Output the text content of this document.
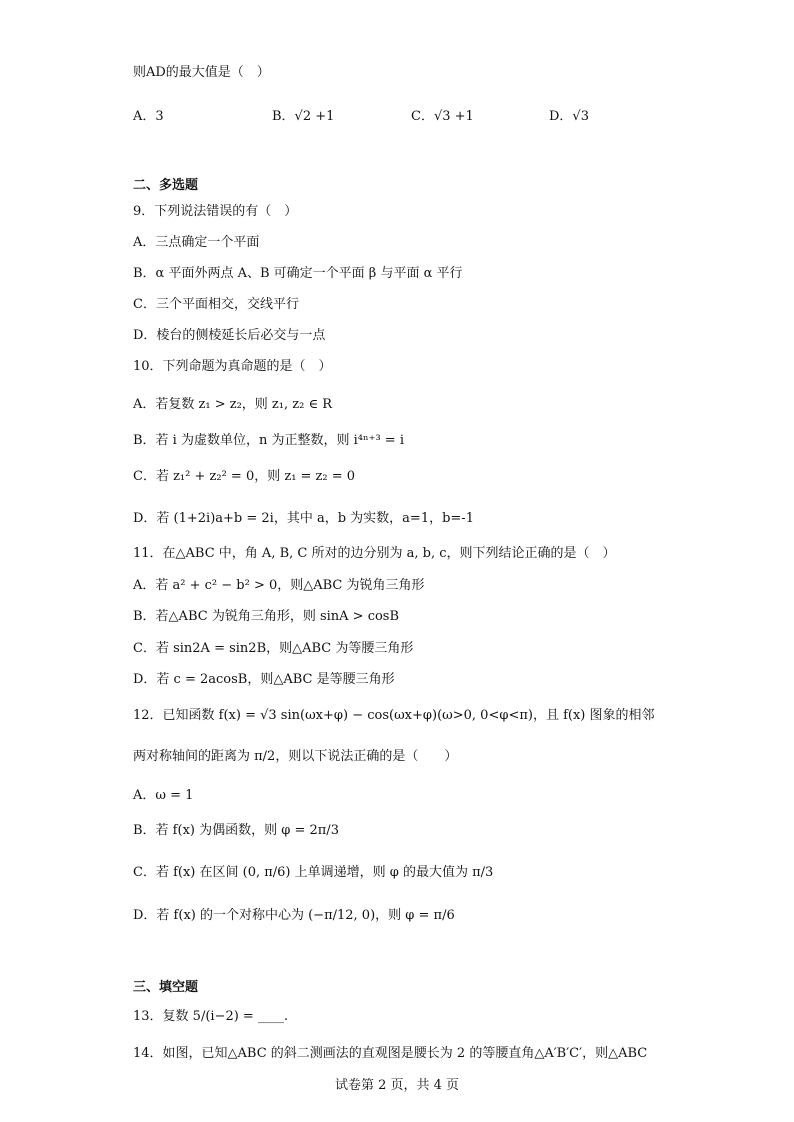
则AD的最大值是（　）
A．3	B．√2 +1	C．√3 +1	D．√3
二、多选题
9．下列说法错误的有（　）
A．三点确定一个平面
B．α 平面外两点 A、B 可确定一个平面 β 与平面 α 平行
C．三个平面相交，交线平行
D．棱台的侧棱延长后必交与一点
10．下列命题为真命题的是（　）
A．若复数 z₁ > z₂，则 z₁, z₂ ∈ R
B．若 i 为虚数单位，n 为正整数，则 i⁴ⁿ⁺³ = i
C．若 z₁² + z₂² = 0，则 z₁ = z₂ = 0
D．若 (1+2i)a+b = 2i，其中 a，b 为实数，a=1，b=-1
11．在△ABC 中，角 A, B, C 所对的边分别为 a, b, c，则下列结论正确的是（　）
A．若 a² + c² − b² > 0，则△ABC 为锐角三角形
B．若△ABC 为锐角三角形，则 sinA > cosB
C．若 sin2A = sin2B，则△ABC 为等腰三角形
D．若 c = 2acosB，则△ABC 是等腰三角形
12．已知函数 f(x) = √3 sin(ωx+φ) − cos(ωx+φ)(ω>0, 0<φ<π)，且 f(x) 图象的相邻
两对称轴间的距离为 π/2，则以下说法正确的是（　　）
A．ω = 1
B．若 f(x) 为偶函数，则 φ = 2π/3
C．若 f(x) 在区间 (0, π/6) 上单调递增，则 φ 的最大值为 π/3
D．若 f(x) 的一个对称中心为 (−π/12, 0)，则 φ = π/6
三、填空题
13．复数 5/(i−2) = ____.
14．如图，已知△ABC 的斜二测画法的直观图是腰长为 2 的等腰直角△A′B′C′，则△ABC
试卷第 2 页，共 4 页
